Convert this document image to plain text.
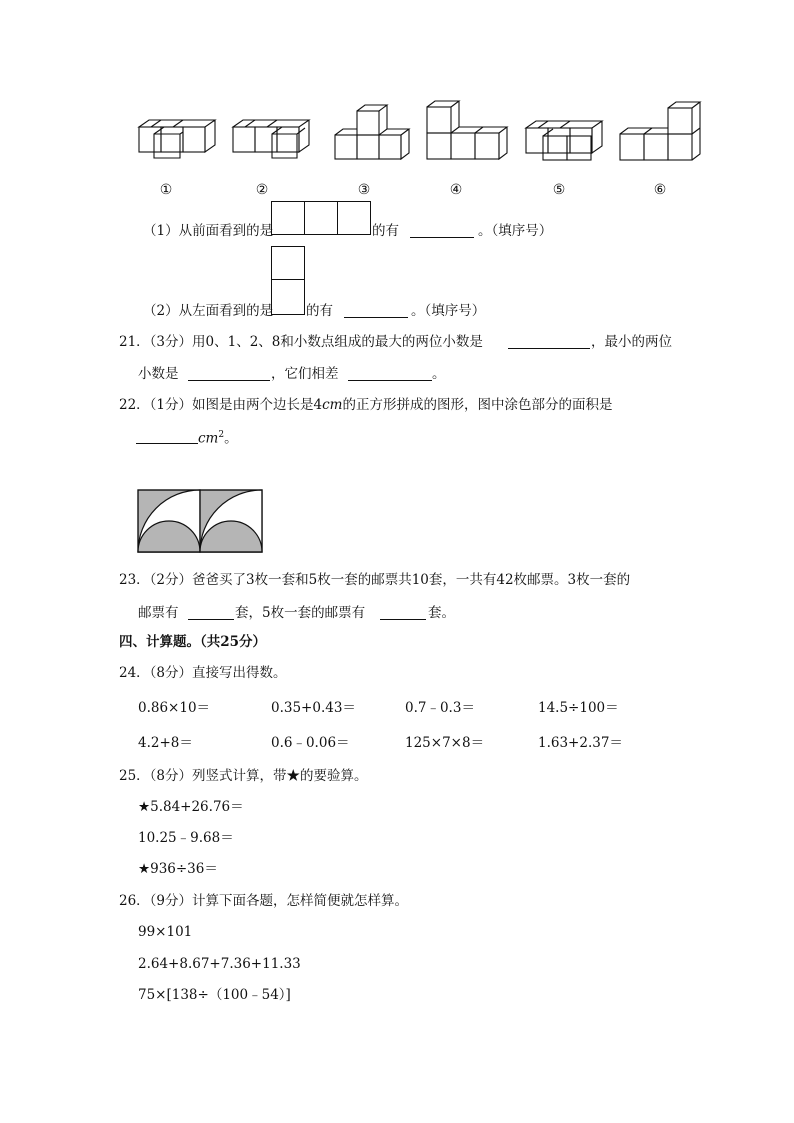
①	②	③	④	⑤	⑥
（1）从前面看到的是	的有	。（填序号）
（2）从左面看到的是 的有	。（填序号）
21．（3分）用0、1、2、8和小数点组成的最大的两位小数是	，最小的两位
小数是	，它们相差	。
22．（1分）如图是由两个边长是4cm的正方形拼成的图形，图中涂色部分的面积是
$cm^2$。
23．（2分）爸爸买了3枚一套和5枚一套的邮票共10套，一共有42枚邮票。3枚一套的
邮票有	套，5枚一套的邮票有	套。
四、计算题。（共25分）
24．（8分）直接写出得数。
0.86×10＝	0.35+0.43＝	0.7﹣0.3＝	14.5÷100＝
4.2+8＝	0.6﹣0.06＝	125×7×8＝	1.63+2.37＝
25．（8分）列竖式计算，带★的要验算。
★5.84+26.76＝
10.25﹣9.68＝
★936÷36＝
26．（9分）计算下面各题，怎样简便就怎样算。
99×101
2.64+8.67+7.36+11.33
75×[138÷（100﹣54）]
